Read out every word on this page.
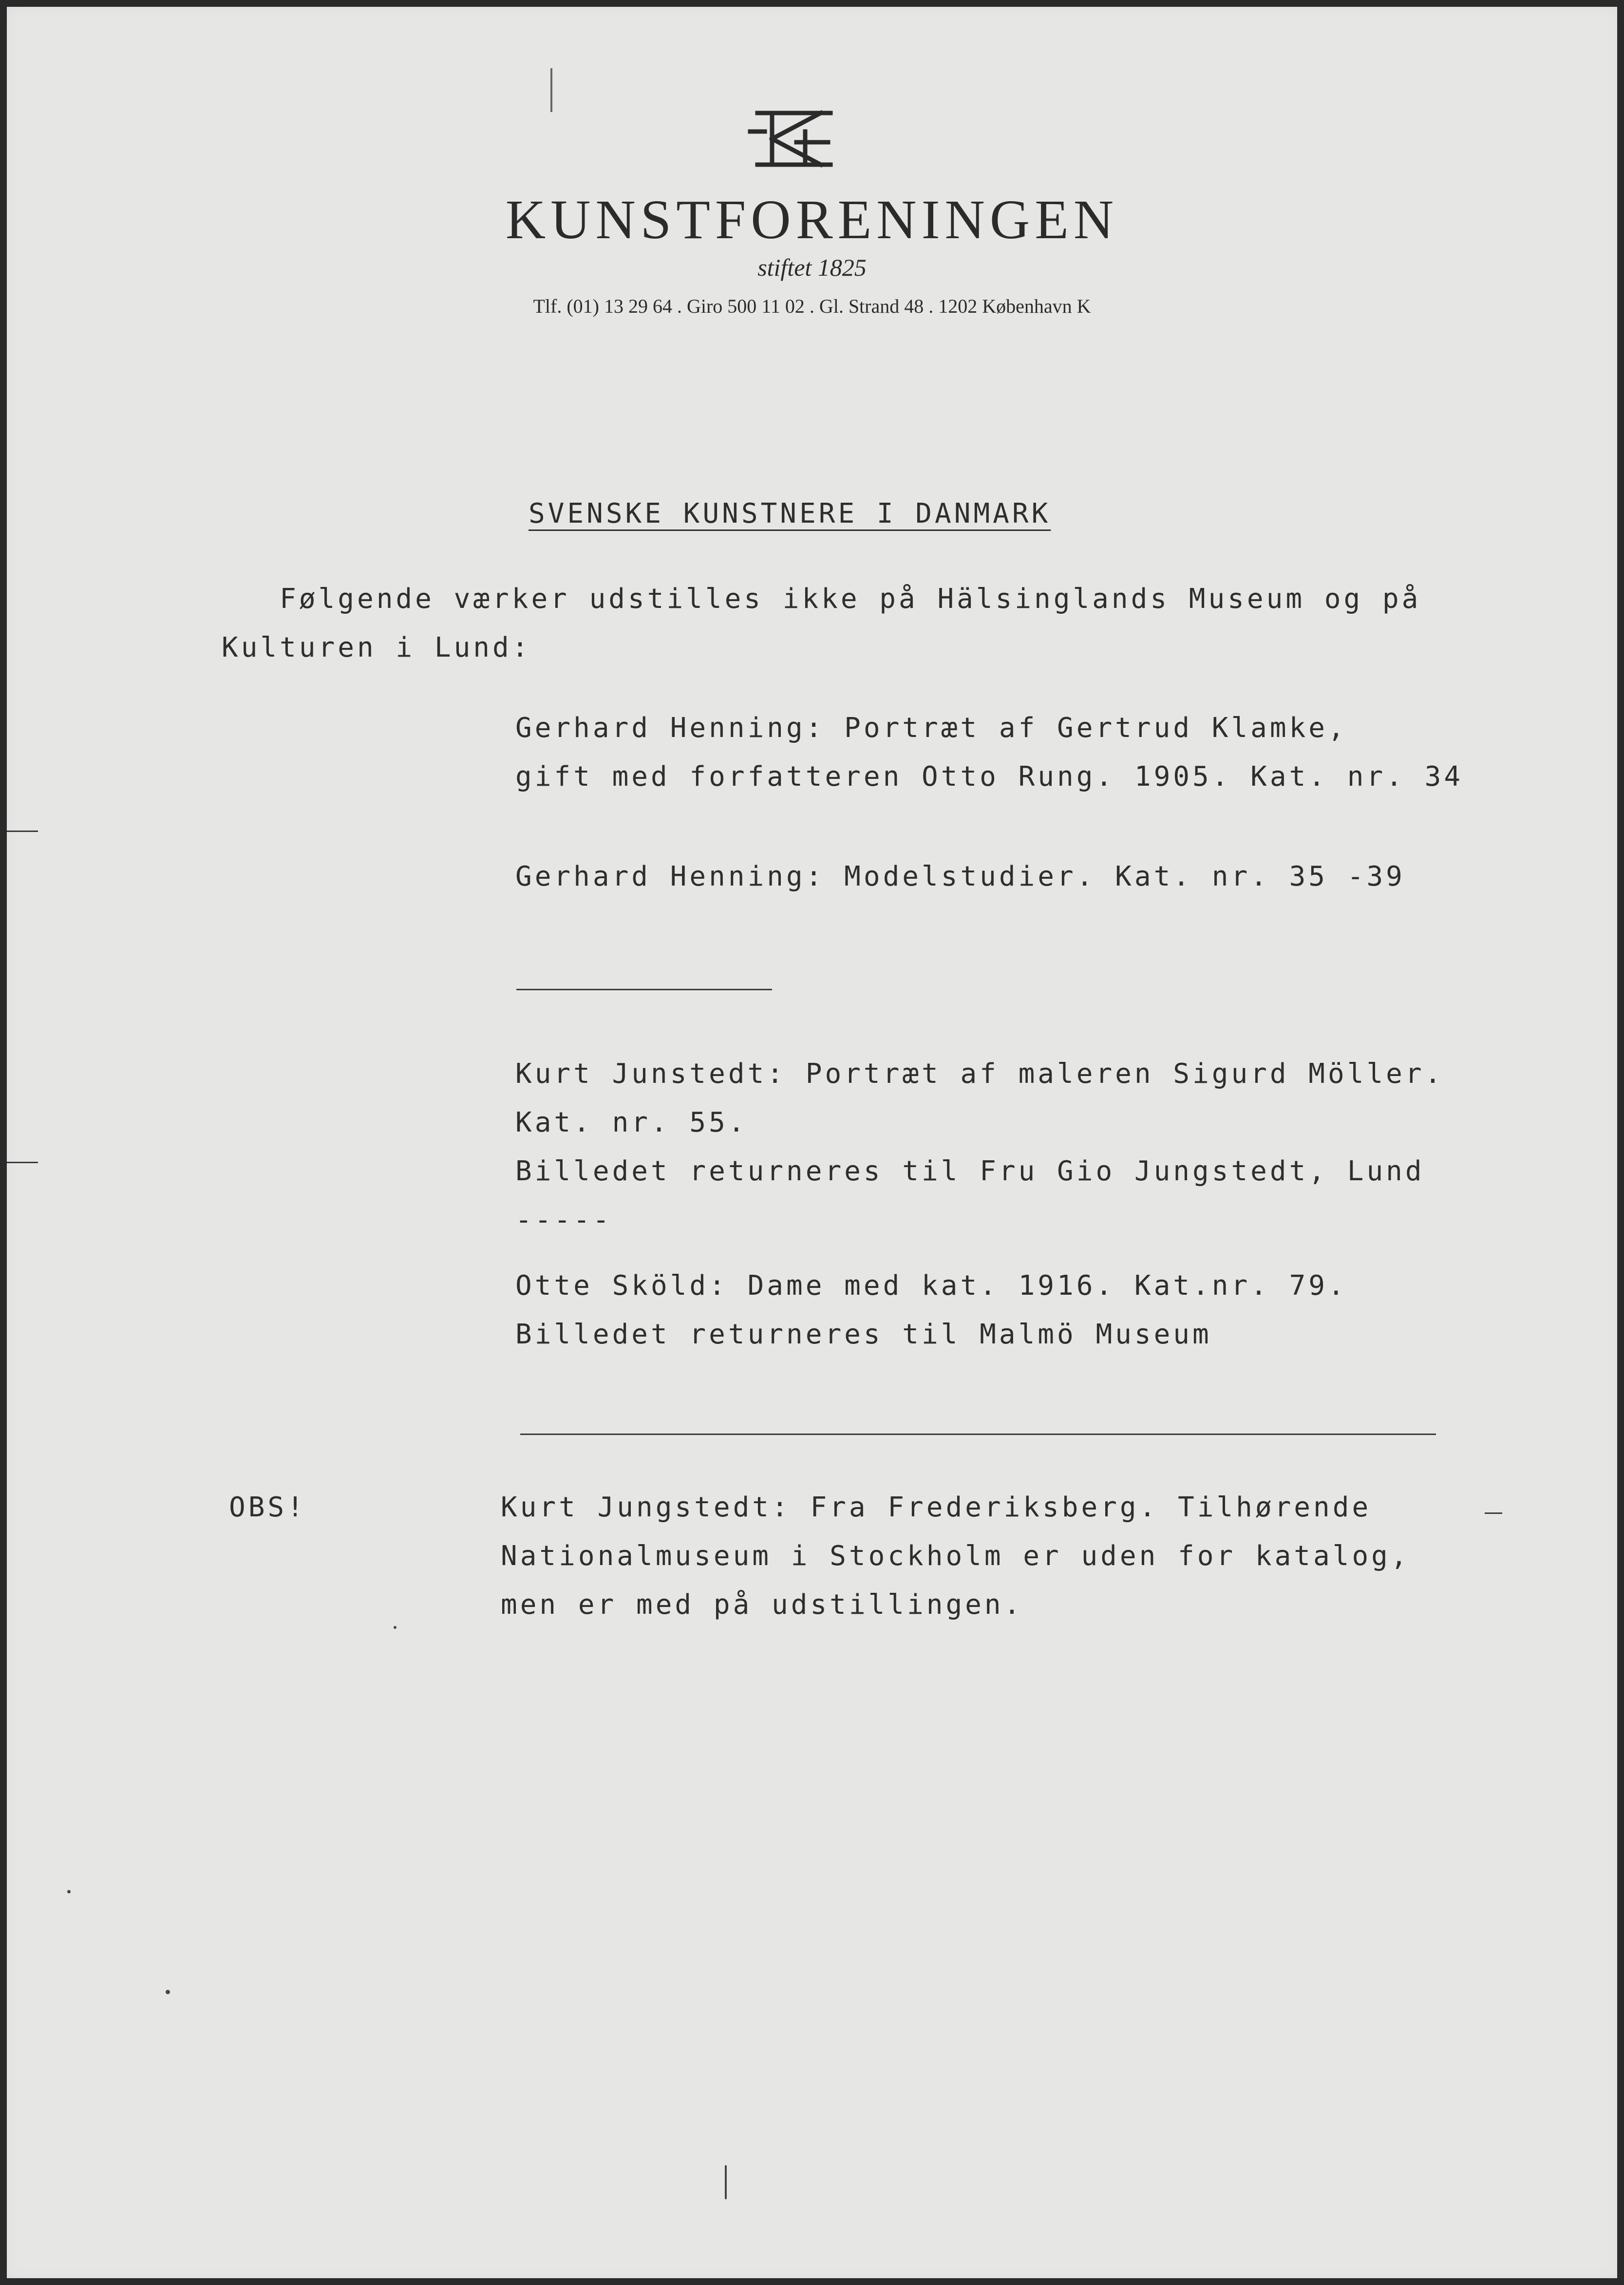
KUNSTFORENINGEN
stiftet 1825
Tlf. (01) 13 29 64 . Giro 500 11 02 . Gl. Strand 48 . 1202 København K
SVENSKE KUNSTNERE I DANMARK
Følgende værker udstilles ikke på Hälsinglands Museum og på
Kulturen i Lund:
Gerhard Henning: Portræt af Gertrud Klamke,
gift med forfatteren Otto Rung. 1905. Kat. nr. 34
Gerhard Henning: Modelstudier. Kat. nr. 35 -39
Kurt Junstedt: Portræt af maleren Sigurd Möller.
Kat. nr. 55.
Billedet returneres til Fru Gio Jungstedt, Lund
-----
Otte Sköld: Dame med kat. 1916. Kat.nr. 79.
Billedet returneres til Malmö Museum
OBS!	Kurt Jungstedt: Fra Frederiksberg. Tilhørende
Nationalmuseum i Stockholm er uden for katalog,
men er med på udstillingen.
